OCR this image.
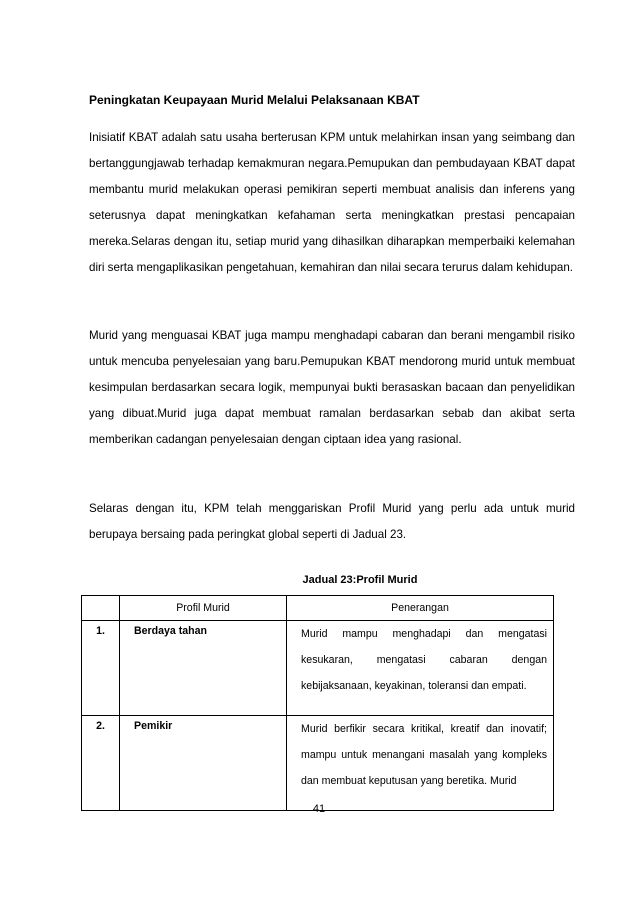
Peningkatan Keupayaan Murid Melalui Pelaksanaan KBAT

Inisiatif KBAT adalah satu usaha berterusan KPM untuk melahirkan insan yang seimbang dan bertanggungjawab terhadap kemakmuran negara.Pemupukan dan pembudayaan KBAT dapat membantu murid melakukan operasi pemikiran seperti membuat analisis dan inferens yang seterusnya dapat meningkatkan kefahaman serta meningkatkan prestasi pencapaian mereka.Selaras dengan itu, setiap murid yang dihasilkan diharapkan memperbaiki kelemahan diri serta mengaplikasikan pengetahuan, kemahiran dan nilai secara terurus dalam kehidupan.

Murid yang menguasai KBAT juga mampu menghadapi cabaran dan berani mengambil risiko untuk mencuba penyelesaian yang baru.Pemupukan KBAT mendorong murid untuk membuat kesimpulan berdasarkan secara logik, mempunyai bukti berasaskan bacaan dan penyelidikan yang dibuat.Murid juga dapat membuat ramalan berdasarkan sebab dan akibat serta memberikan cadangan penyelesaian dengan ciptaan idea yang rasional.

Selaras dengan itu, KPM telah menggariskan Profil Murid yang perlu ada untuk murid berupaya bersaing pada peringkat global seperti di Jadual 23.

Jadual 23:Profil Murid
	Profil Murid	Penerangan
1.	Berdaya tahan	Murid mampu menghadapi dan mengatasi kesukaran, mengatasi cabaran dengan kebijaksanaan, keyakinan, toleransi dan empati.
2.	Pemikir	Murid berfikir secara kritikal, kreatif dan inovatif; mampu untuk menangani masalah yang kompleks dan membuat keputusan yang beretika. Murid
41
